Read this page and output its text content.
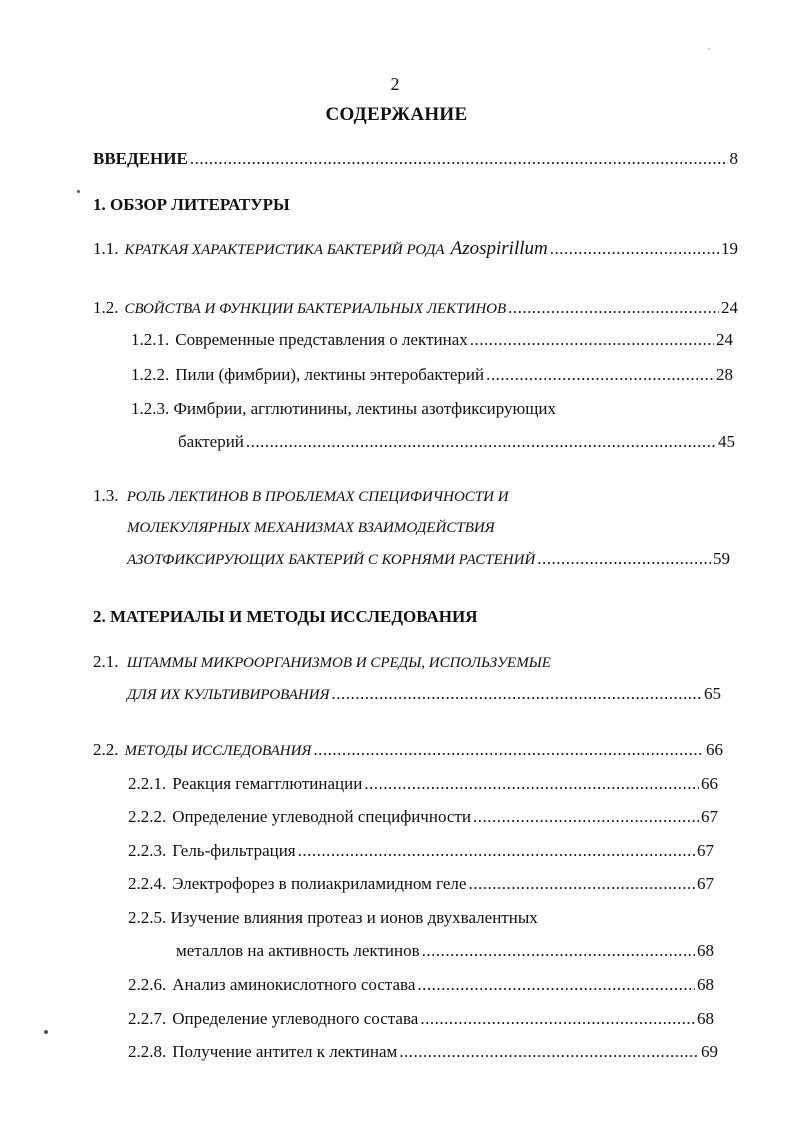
2
СОДЕРЖАНИЕ
ВВЕДЕНИЕ .....	8
1. ОБЗОР ЛИТЕРАТУРЫ
1.1. КРАТКАЯ ХАРАКТЕРИСТИКА БАКТЕРИЙ РОДА Azospirillum .....	19
1.2. СВОЙСТВА И ФУНКЦИИ БАКТЕРИАЛЬНЫХ ЛЕКТИНОВ .....	24
1.2.1. Современные представления о лектинах .....	24
1.2.2. Пили (фимбрии), лектины энтеробактерий .....	28
1.2.3. Фимбрии, агглютинины, лектины азотфиксирующих
бактерий .....	45
1.3. РОЛЬ ЛЕКТИНОВ В ПРОБЛЕМАХ СПЕЦИФИЧНОСТИ И
МОЛЕКУЛЯРНЫХ МЕХАНИЗМАХ ВЗАИМОДЕЙСТВИЯ
АЗОТФИКСИРУЮЩИХ БАКТЕРИЙ С КОРНЯМИ РАСТЕНИЙ .....	59
2. МАТЕРИАЛЫ И МЕТОДЫ ИССЛЕДОВАНИЯ
2.1. ШТАММЫ МИКРООРГАНИЗМОВ И СРЕДЫ, ИСПОЛЬЗУЕМЫЕ
ДЛЯ ИХ КУЛЬТИВИРОВАНИЯ .....	65
2.2. МЕТОДЫ ИССЛЕДОВАНИЯ .....	66
2.2.1. Реакция гемагглютинации .....	66
2.2.2. Определение углеводной специфичности .....	67
2.2.3. Гель-фильтрация .....	67
2.2.4. Электрофорез в полиакриламидном геле .....	67
2.2.5. Изучение влияния протеаз и ионов двухвалентных
металлов на активность лектинов .....	68
2.2.6. Анализ аминокислотного состава .....	68
2.2.7. Определение углеводного состава .....	68
2.2.8. Получение антител к лектинам .....	69
